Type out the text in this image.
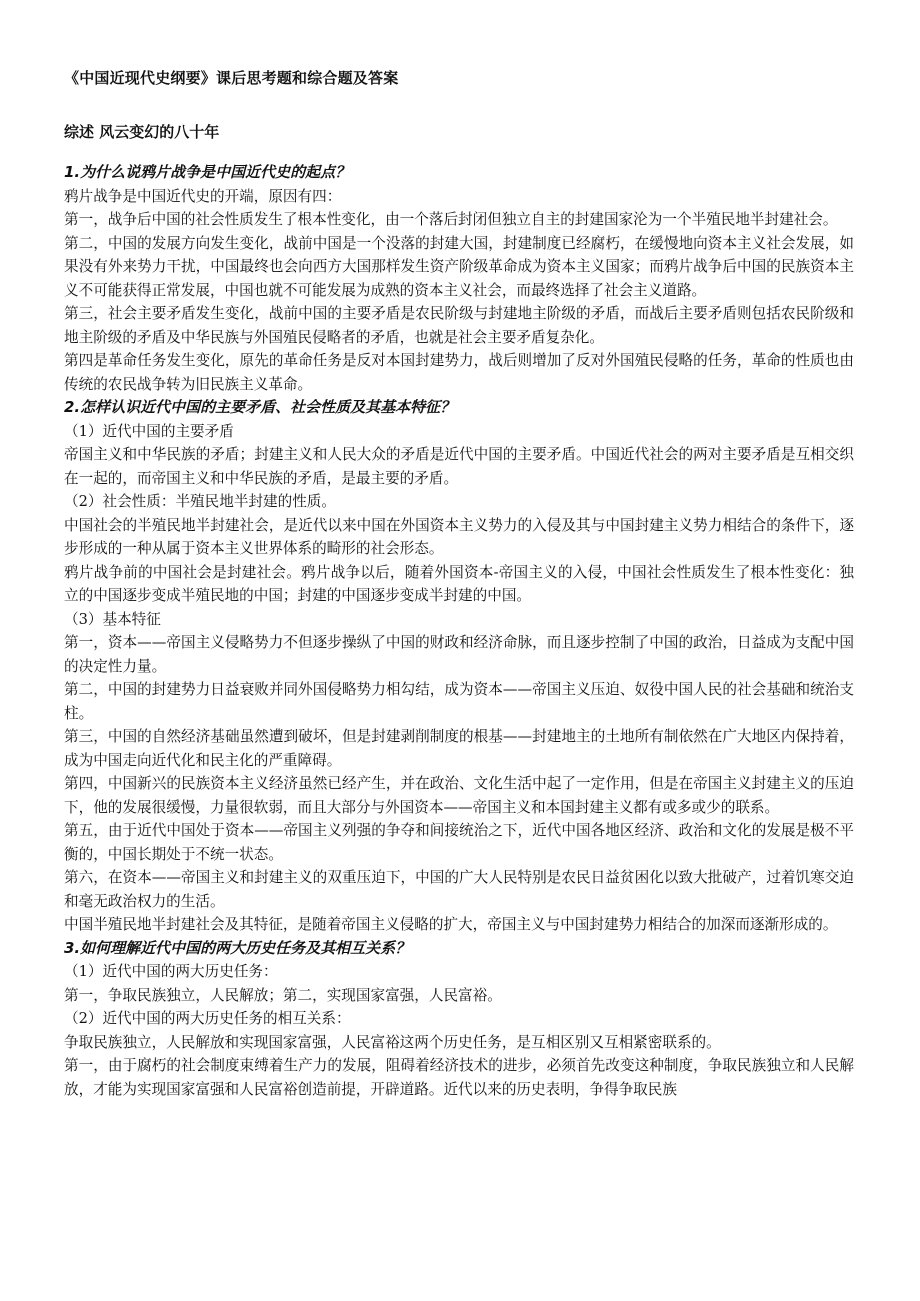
《中国近现代史纲要》课后思考题和综合题及答案
综述 风云变幻的八十年
1.为什么说鸦片战争是中国近代史的起点？
鸦片战争是中国近代史的开端，原因有四：
第一，战争后中国的社会性质发生了根本性变化，由一个落后封闭但独立自主的封建国家沦为一个半殖民地半封建社会。
第二，中国的发展方向发生变化，战前中国是一个没落的封建大国，封建制度已经腐朽，在缓慢地向资本主义社会发展，如果没有外来势力干扰，中国最终也会向西方大国那样发生资产阶级革命成为资本主义国家；而鸦片战争后中国的民族资本主义不可能获得正常发展，中国也就不可能发展为成熟的资本主义社会，而最终选择了社会主义道路。
第三，社会主要矛盾发生变化，战前中国的主要矛盾是农民阶级与封建地主阶级的矛盾，而战后主要矛盾则包括农民阶级和地主阶级的矛盾及中华民族与外国殖民侵略者的矛盾，也就是社会主要矛盾复杂化。
第四是革命任务发生变化，原先的革命任务是反对本国封建势力，战后则增加了反对外国殖民侵略的任务，革命的性质也由传统的农民战争转为旧民族主义革命。
2.怎样认识近代中国的主要矛盾、社会性质及其基本特征？
（1）近代中国的主要矛盾
帝国主义和中华民族的矛盾；封建主义和人民大众的矛盾是近代中国的主要矛盾。中国近代社会的两对主要矛盾是互相交织在一起的，而帝国主义和中华民族的矛盾，是最主要的矛盾。
（2）社会性质：半殖民地半封建的性质。
中国社会的半殖民地半封建社会，是近代以来中国在外国资本主义势力的入侵及其与中国封建主义势力相结合的条件下，逐步形成的一种从属于资本主义世界体系的畸形的社会形态。
鸦片战争前的中国社会是封建社会。鸦片战争以后，随着外国资本-帝国主义的入侵，中国社会性质发生了根本性变化：独立的中国逐步变成半殖民地的中国；封建的中国逐步变成半封建的中国。
（3）基本特征
第一，资本——帝国主义侵略势力不但逐步操纵了中国的财政和经济命脉，而且逐步控制了中国的政治，日益成为支配中国的决定性力量。
第二，中国的封建势力日益衰败并同外国侵略势力相勾结，成为资本——帝国主义压迫、奴役中国人民的社会基础和统治支柱。
第三，中国的自然经济基础虽然遭到破坏，但是封建剥削制度的根基——封建地主的土地所有制依然在广大地区内保持着，成为中国走向近代化和民主化的严重障碍。
第四，中国新兴的民族资本主义经济虽然已经产生，并在政治、文化生活中起了一定作用，但是在帝国主义封建主义的压迫下，他的发展很缓慢，力量很软弱，而且大部分与外国资本——帝国主义和本国封建主义都有或多或少的联系。
第五，由于近代中国处于资本——帝国主义列强的争夺和间接统治之下，近代中国各地区经济、政治和文化的发展是极不平衡的，中国长期处于不统一状态。
第六，在资本——帝国主义和封建主义的双重压迫下，中国的广大人民特别是农民日益贫困化以致大批破产，过着饥寒交迫和毫无政治权力的生活。
中国半殖民地半封建社会及其特征，是随着帝国主义侵略的扩大，帝国主义与中国封建势力相结合的加深而逐渐形成的。
3.如何理解近代中国的两大历史任务及其相互关系？
（1）近代中国的两大历史任务：
第一，争取民族独立，人民解放；第二，实现国家富强，人民富裕。
（2）近代中国的两大历史任务的相互关系：
争取民族独立，人民解放和实现国家富强，人民富裕这两个历史任务，是互相区别又互相紧密联系的。
第一，由于腐朽的社会制度束缚着生产力的发展，阻碍着经济技术的进步，必须首先改变这种制度，争取民族独立和人民解放，才能为实现国家富强和人民富裕创造前提，开辟道路。近代以来的历史表明，争得争取民族
